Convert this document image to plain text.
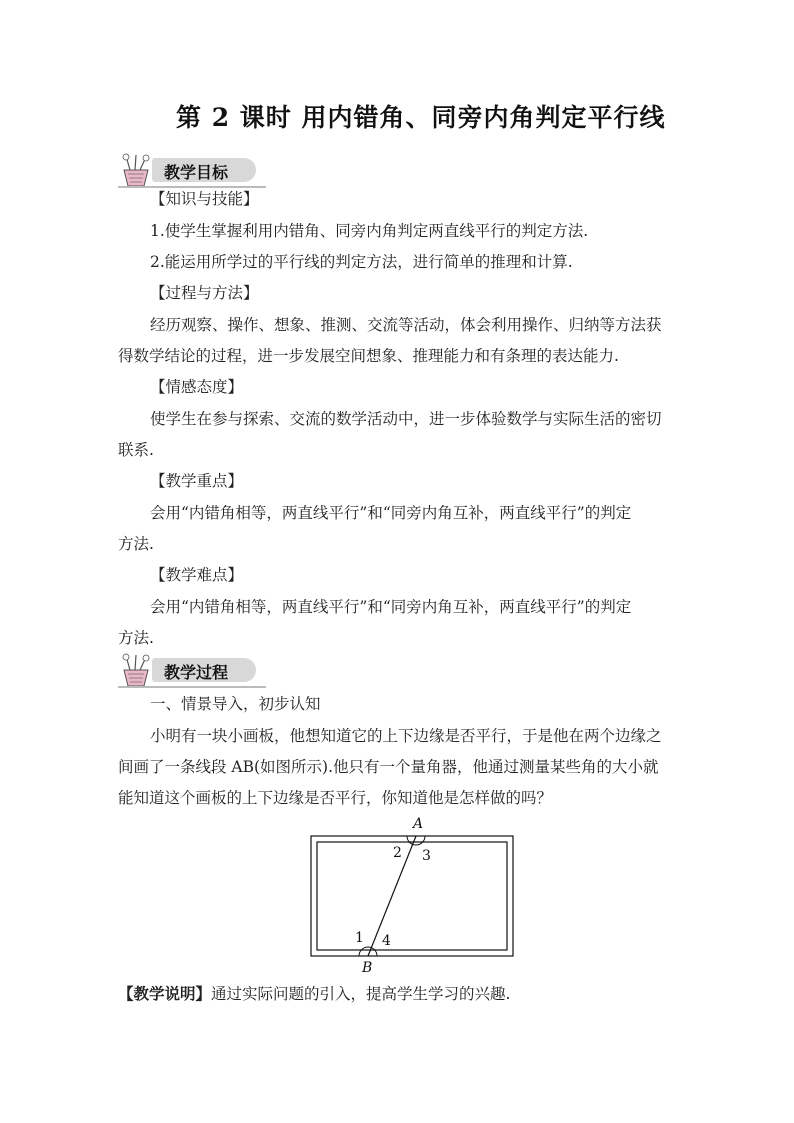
第 2 课时 用内错角、同旁内角判定平行线
教学目标
【知识与技能】
1.使学生掌握利用内错角、同旁内角判定两直线平行的判定方法.
2.能运用所学过的平行线的判定方法，进行简单的推理和计算.
【过程与方法】
经历观察、操作、想象、推测、交流等活动，体会利用操作、归纳等方法获
得数学结论的过程，进一步发展空间想象、推理能力和有条理的表达能力.
【情感态度】
使学生在参与探索、交流的数学活动中，进一步体验数学与实际生活的密切
联系.
【教学重点】
会用“内错角相等，两直线平行”和“同旁内角互补，两直线平行”的判定
方法.
【教学难点】
会用“内错角相等，两直线平行”和“同旁内角互补，两直线平行”的判定
方法.
教学过程
一、情景导入，初步认知
小明有一块小画板，他想知道它的上下边缘是否平行，于是他在两个边缘之
间画了一条线段 AB(如图所示).他只有一个量角器，他通过测量某些角的大小就
能知道这个画板的上下边缘是否平行，你知道他是怎样做的吗？
A
B
2 3
1 4
【教学说明】通过实际问题的引入，提高学生学习的兴趣.
